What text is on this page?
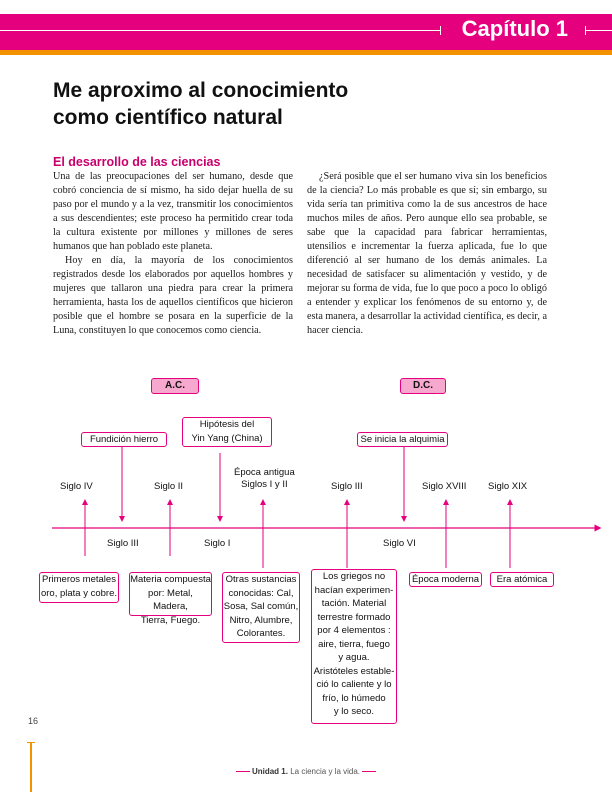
Capítulo 1
Me aproximo al conocimiento
como científico natural
El desarrollo de las ciencias

Una de las preocupaciones del ser humano, desde que cobró conciencia de sí mismo, ha sido dejar huella de su paso por el mundo y a la vez, transmitir los conocimientos a sus descendientes; este proceso ha permitido crear toda la cultura existente por millones y millones de seres humanos que han poblado este planeta.

Hoy en día, la mayoría de los conocimientos registrados desde los elaborados por aquellos hombres y mujeres que tallaron una piedra para crear la primera herramienta, hasta los de aquellos científicos que hicieron posible que el hombre se posara en la superficie de la Luna, constituyen lo que conocemos como ciencia.

¿Será posible que el ser humano viva sin los beneficios de la ciencia? Lo más probable es que sí; sin embargo, su vida sería tan primitiva como la de sus ancestros de hace muchos miles de años. Pero aunque ello sea probable, se sabe que la capacidad para fabricar herramientas, utensilios e incrementar la fuerza aplicada, fue lo que diferenció al ser humano de los demás animales. La necesidad de satisfacer su alimentación y vestido, y de mejorar su forma de vida, fue lo que poco a poco lo obligó a entender y explicar los fenómenos de su entorno y, de esta manera, a desarrollar la actividad científica, es decir, a hacer ciencia.

A.C.	D.C.
Fundición hierro
Hipótesis del
Yin Yang (China)	Se inicia la alquimia
Siglo IV	Siglo II
Época antigua
Siglos I y II	Siglo III	Siglo XVIII Siglo XIX
Siglo III	Siglo I	Siglo VI
Primeros metales
oro, plata y cobre.
Materia compuesta
por: Metal, Madera,
Tierra, Fuego.
Otras sustancias
conocidas: Cal,
Sosa, Sal común,
Nitro, Alumbre,
Colorantes.
Los griegos no
hacían experimen-
tación. Material
terrestre formado
por 4 elementos :
aire, tierra, fuego
y agua.
Aristóteles estable-
ció lo caliente y lo
frío, lo húmedo
y lo seco.
Época moderna	Era atómica
16
Unidad 1. La ciencia y la vida.
